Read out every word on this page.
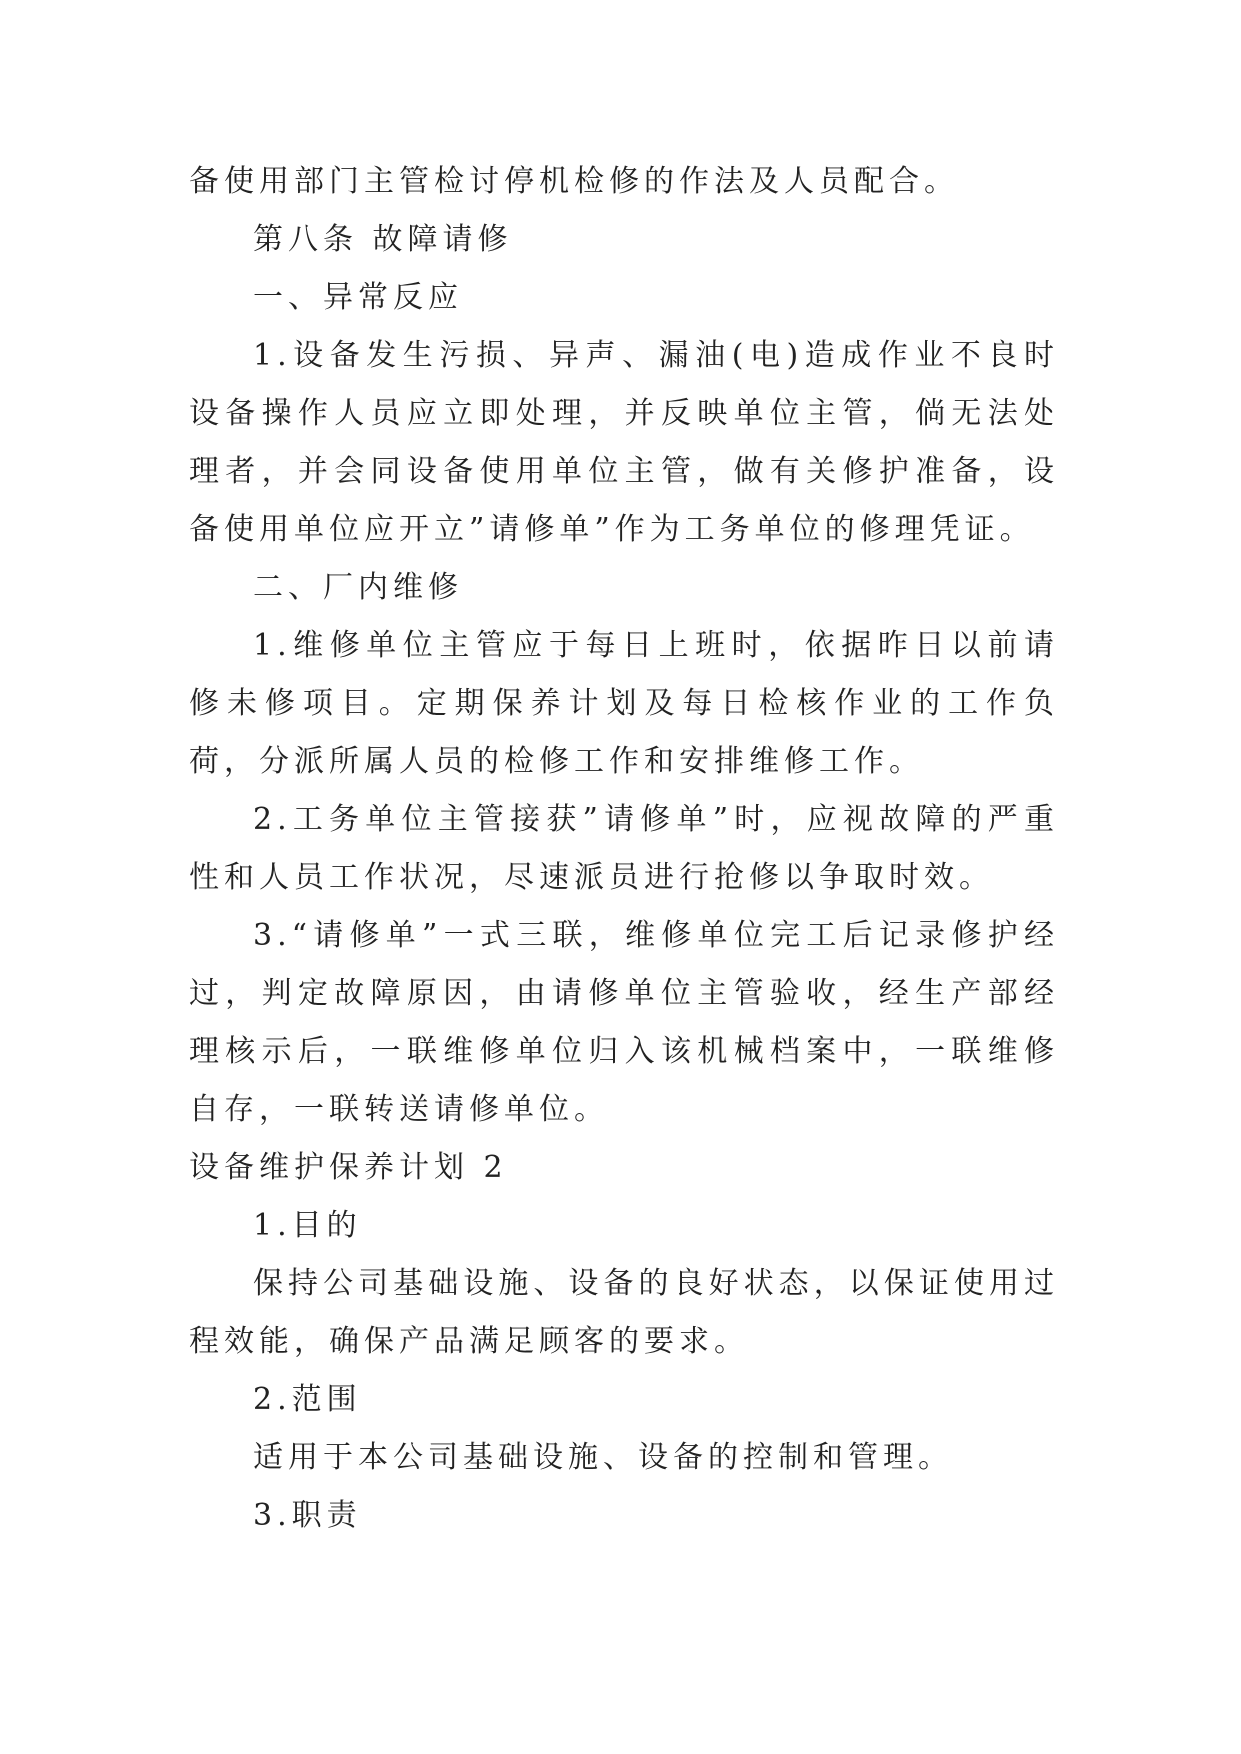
备使用部门主管检讨停机检修的作法及人员配合。

第八条 故障请修

一、异常反应

1.设备发生污损、异声、漏油(电)造成作业不良时设备操作人员应立即处理，并反映单位主管，倘无法处理者，并会同设备使用单位主管，做有关修护准备，设备使用单位应开立”请修单”作为工务单位的修理凭证。

二、厂内维修

1.维修单位主管应于每日上班时，依据昨日以前请修未修项目。定期保养计划及每日检核作业的工作负荷，分派所属人员的检修工作和安排维修工作。

2.工务单位主管接获”请修单”时，应视故障的严重性和人员工作状况，尽速派员进行抢修以争取时效。

3.“请修单”一式三联，维修单位完工后记录修护经过，判定故障原因，由请修单位主管验收，经生产部经理核示后，一联维修单位归入该机械档案中，一联维修自存，一联转送请修单位。

设备维护保养计划 2

1.目的

保持公司基础设施、设备的良好状态，以保证使用过程效能，确保产品满足顾客的要求。

2.范围

适用于本公司基础设施、设备的控制和管理。

3.职责
